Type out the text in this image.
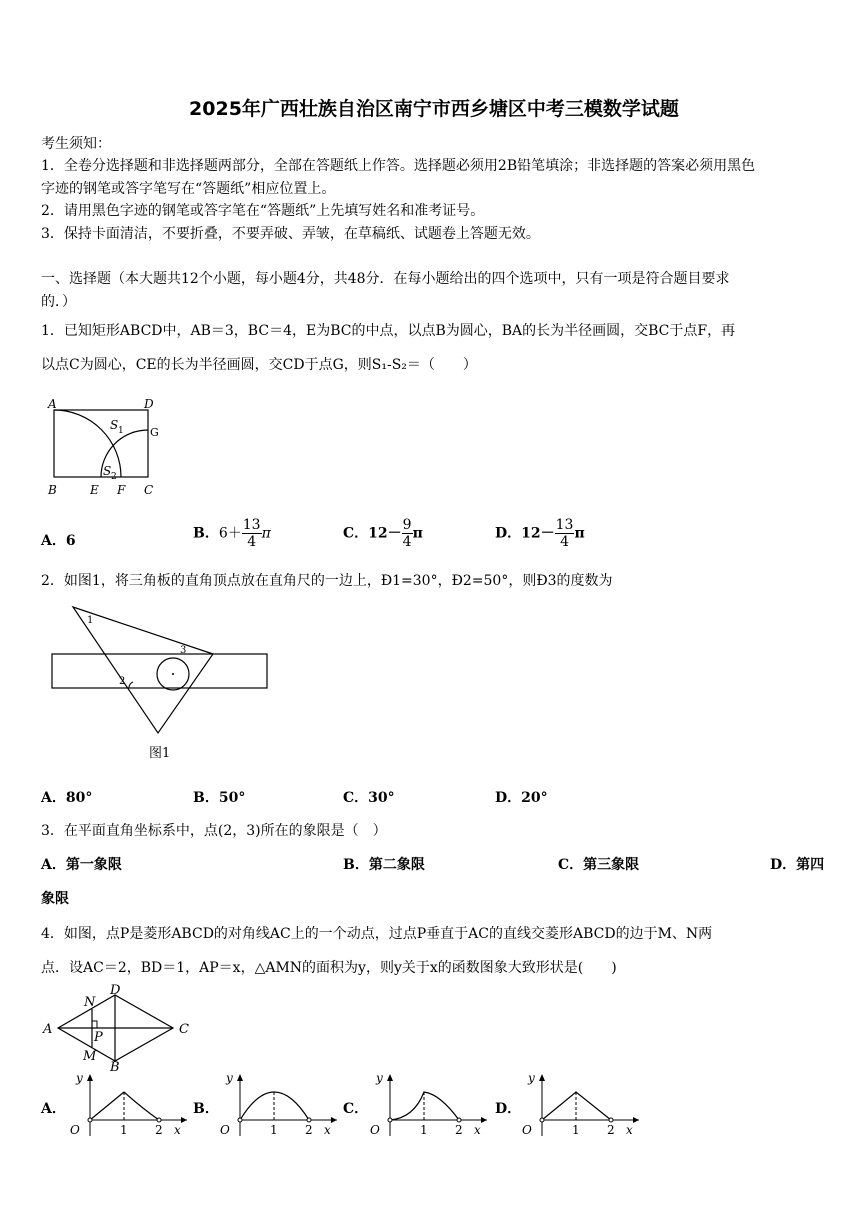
2025年广西壮族自治区南宁市西乡塘区中考三模数学试题
考生须知：
1．全卷分选择题和非选择题两部分，全部在答题纸上作答。选择题必须用2B铅笔填涂；非选择题的答案必须用黑色
字迹的钢笔或答字笔写在“答题纸”相应位置上。
2．请用黑色字迹的钢笔或答字笔在“答题纸”上先填写姓名和准考证号。
3．保持卡面清洁，不要折叠，不要弄破、弄皱，在草稿纸、试题卷上答题无效。
一、选择题（本大题共12个小题，每小题4分，共48分．在每小题给出的四个选项中，只有一项是符合题目要求
的．）
1．已知矩形ABCD中，AB＝3，BC＝4，E为BC的中点，以点B为圆心，BA的长为半径画圆，交BC于点F，再
以点C为圆心，CE的长为半径画圆，交CD于点G，则S₁-S₂＝（　　）
A	D
S 1 G
S 2
B	E F C
A．6	B．$6+ \frac{13}{4}$ π	C．$12- \frac{9}{4}$ π	D．$12- \frac{13}{4}$ π
2．如图1，将三角板的直角顶点放在直角尺的一边上，Ð1=30°，Ð2=50°，则Ð3的度数为
1
2
3
图1
A．80°	B．50°	C．30°	D．20°
3．在平面直角坐标系中，点(2，3)所在的象限是（　）
A．第一象限	B．第二象限	C．第三象限	D．第四
象限
4．如图，点P是菱形ABCD的对角线AC上的一个动点，过点P垂直于AC的直线交菱形ABCD的边于M、N两
点．设AC＝2，BD＝1，AP＝x，△AMN的面积为y，则y关于x的函数图象大致形状是(　　)
N
D
A
P
C
M
B
A．	B．	C．	D．
y
O	1 2 x
y
O	1 2 x
y
O	1 2 x
y
O	1 2 x
